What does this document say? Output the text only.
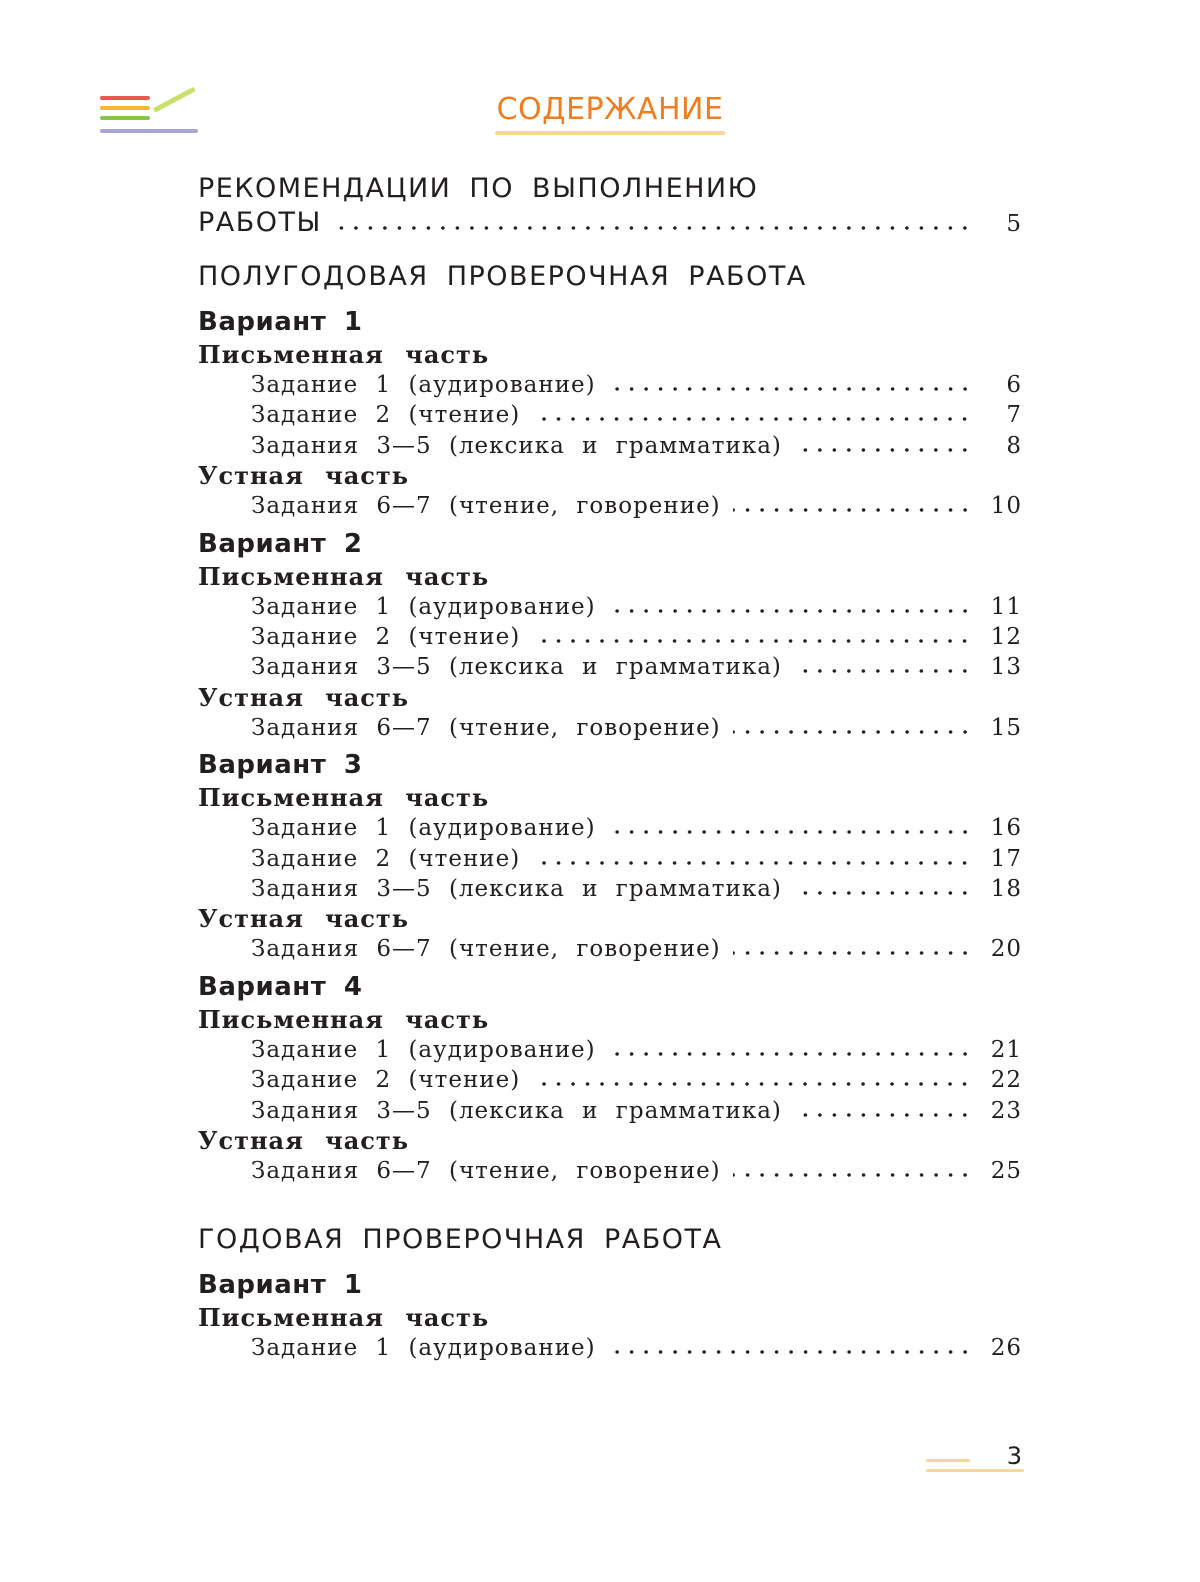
СОДЕРЖАНИЕ
РЕКОМЕНДАЦИИ ПО ВЫПОЛНЕНИЮ
РАБОТЫ	5
ПОЛУГОДОВАЯ ПРОВЕРОЧНАЯ РАБОТА
Вариант 1
Письменная часть
Задание 1 (аудирование)	6
Задание 2 (чтение)	7
Задания 3—5 (лексика и грамматика)	8
Устная часть
Задания 6—7 (чтение, говорение)	10
Вариант 2
Письменная часть
Задание 1 (аудирование)	11
Задание 2 (чтение)	12
Задания 3—5 (лексика и грамматика)	13
Устная часть
Задания 6—7 (чтение, говорение)	15
Вариант 3
Письменная часть
Задание 1 (аудирование)	16
Задание 2 (чтение)	17
Задания 3—5 (лексика и грамматика)	18
Устная часть
Задания 6—7 (чтение, говорение)	20
Вариант 4
Письменная часть
Задание 1 (аудирование)	21
Задание 2 (чтение)	22
Задания 3—5 (лексика и грамматика)	23
Устная часть
Задания 6—7 (чтение, говорение)	25
ГОДОВАЯ ПРОВЕРОЧНАЯ РАБОТА
Вариант 1
Письменная часть
Задание 1 (аудирование)	26
3
